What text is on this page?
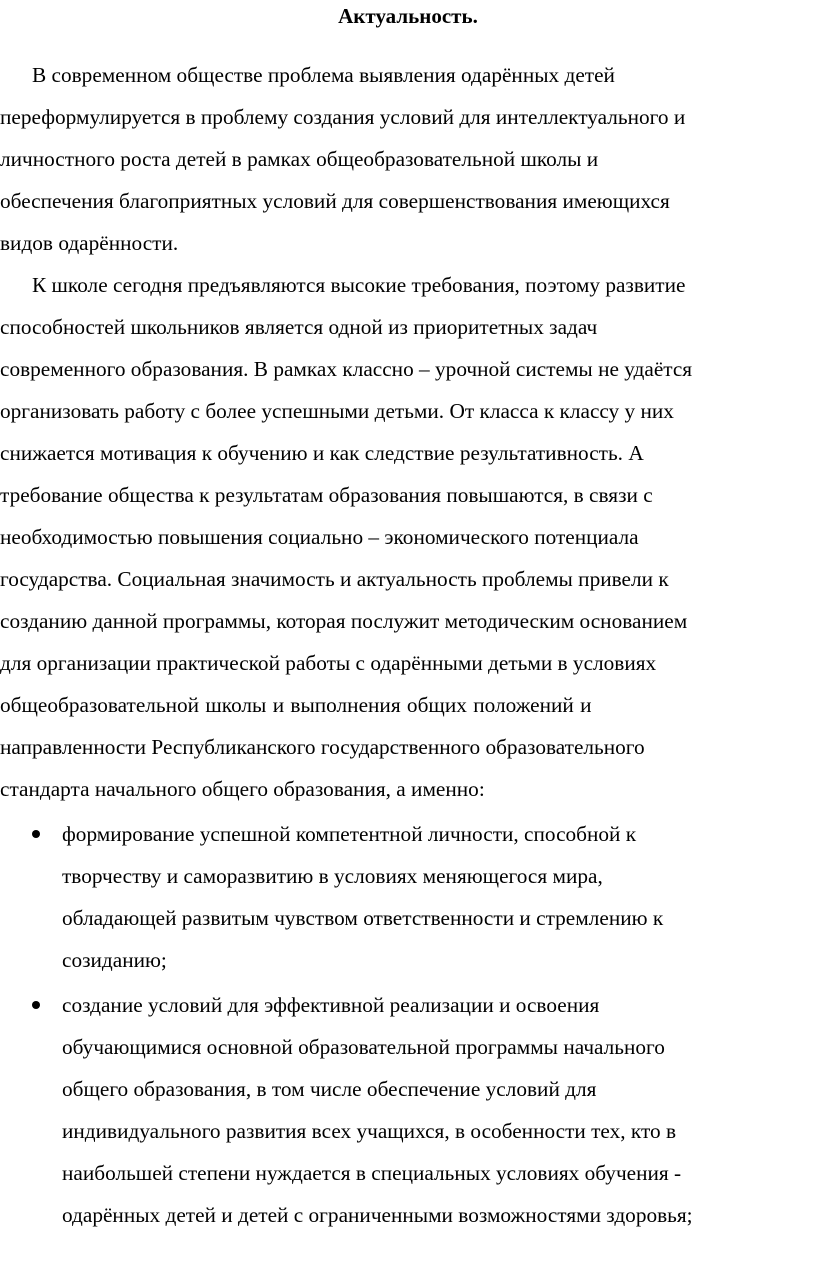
Актуальность.

В современном обществе проблема выявления одарённых детей

переформулируется в проблему создания условий для интеллектуального и

личностного роста детей в рамках общеобразовательной школы и

обеспечения благоприятных условий для совершенствования имеющихся

видов одарённости.

К школе сегодня предъявляются высокие требования, поэтому развитие

способностей школьников является одной из приоритетных задач

современного образования. В рамках классно – урочной системы не удаётся

организовать работу с более успешными детьми. От класса к классу у них

снижается мотивация к обучению и как следствие результативность. А

требование общества к результатам образования повышаются, в связи с

необходимостью повышения социально – экономического потенциала

государства. Социальная значимость и актуальность проблемы привели к

созданию данной программы, которая послужит методическим основанием

для организации практической работы с одарёнными детьми в условиях

общеобразовательной школы и выполнения общих положений и

направленности Республиканского государственного образовательного

стандарта начального общего образования, а именно:

формирование успешной компетентной личности, способной к

творчеству и саморазвитию в условиях меняющегося мира,

обладающей развитым чувством ответственности и стремлению к

созиданию;

создание условий для эффективной реализации и освоения

обучающимися основной образовательной программы начального

общего образования, в том числе обеспечение условий для

индивидуального развития всех учащихся, в особенности тех, кто в

наибольшей степени нуждается в специальных условиях обучения -

одарённых детей и детей с ограниченными возможностями здоровья;
